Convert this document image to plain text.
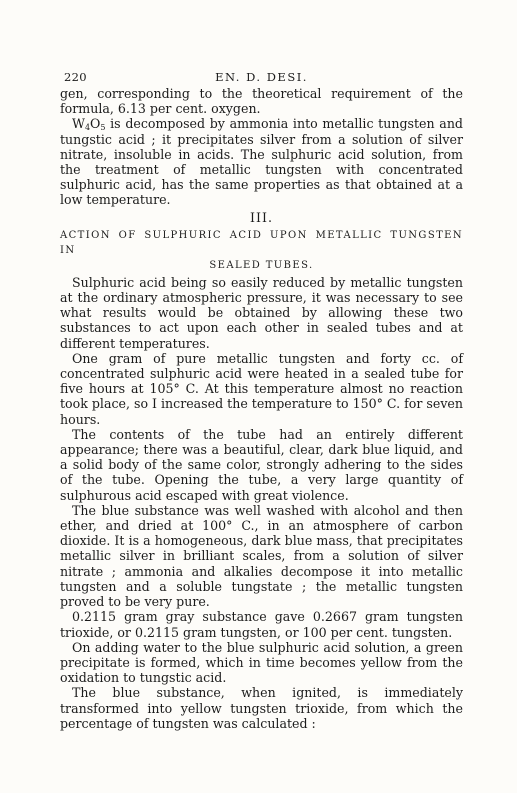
220	EN. D. DESI.

gen, corresponding to the theoretical requirement of the formula, 6.13 per cent. oxygen.

$W_4O_5$ is decomposed by ammonia into metallic tungsten and tungstic acid ; it precipitates silver from a solution of silver nitrate, insoluble in acids. The sulphuric acid solution, from the treatment of metallic tungsten with concentrated sulphuric acid, has the same properties as that obtained at a low temperature.

III.
ACTION OF SULPHURIC ACID UPON METALLIC TUNGSTEN IN
SEALED TUBES.

Sulphuric acid being so easily reduced by metallic tungsten at the ordinary atmospheric pressure, it was necessary to see what results would be obtained by allowing these two substances to act upon each other in sealed tubes and at different temperatures.

One gram of pure metallic tungsten and forty cc. of concentrated sulphuric acid were heated in a sealed tube for five hours at 105° C. At this temperature almost no reaction took place, so I increased the temperature to 150° C. for seven hours.

The contents of the tube had an entirely different appearance; there was a beautiful, clear, dark blue liquid, and a solid body of the same color, strongly adhering to the sides of the tube. Opening the tube, a very large quantity of sulphurous acid escaped with great violence.

The blue substance was well washed with alcohol and then ether, and dried at 100° C., in an atmosphere of carbon dioxide. It is a homogeneous, dark blue mass, that precipitates metallic silver in brilliant scales, from a solution of silver nitrate ; ammonia and alkalies decompose it into metallic tungsten and a soluble tungstate ; the metallic tungsten proved to be very pure.

0.2115 gram gray substance gave 0.2667 gram tungsten trioxide, or 0.2115 gram tungsten, or 100 per cent. tungsten.

On adding water to the blue sulphuric acid solution, a green precipitate is formed, which in time becomes yellow from the oxidation to tungstic acid.

The blue substance, when ignited, is immediately transformed into yellow tungsten trioxide, from which the percentage of tungsten was calculated :
